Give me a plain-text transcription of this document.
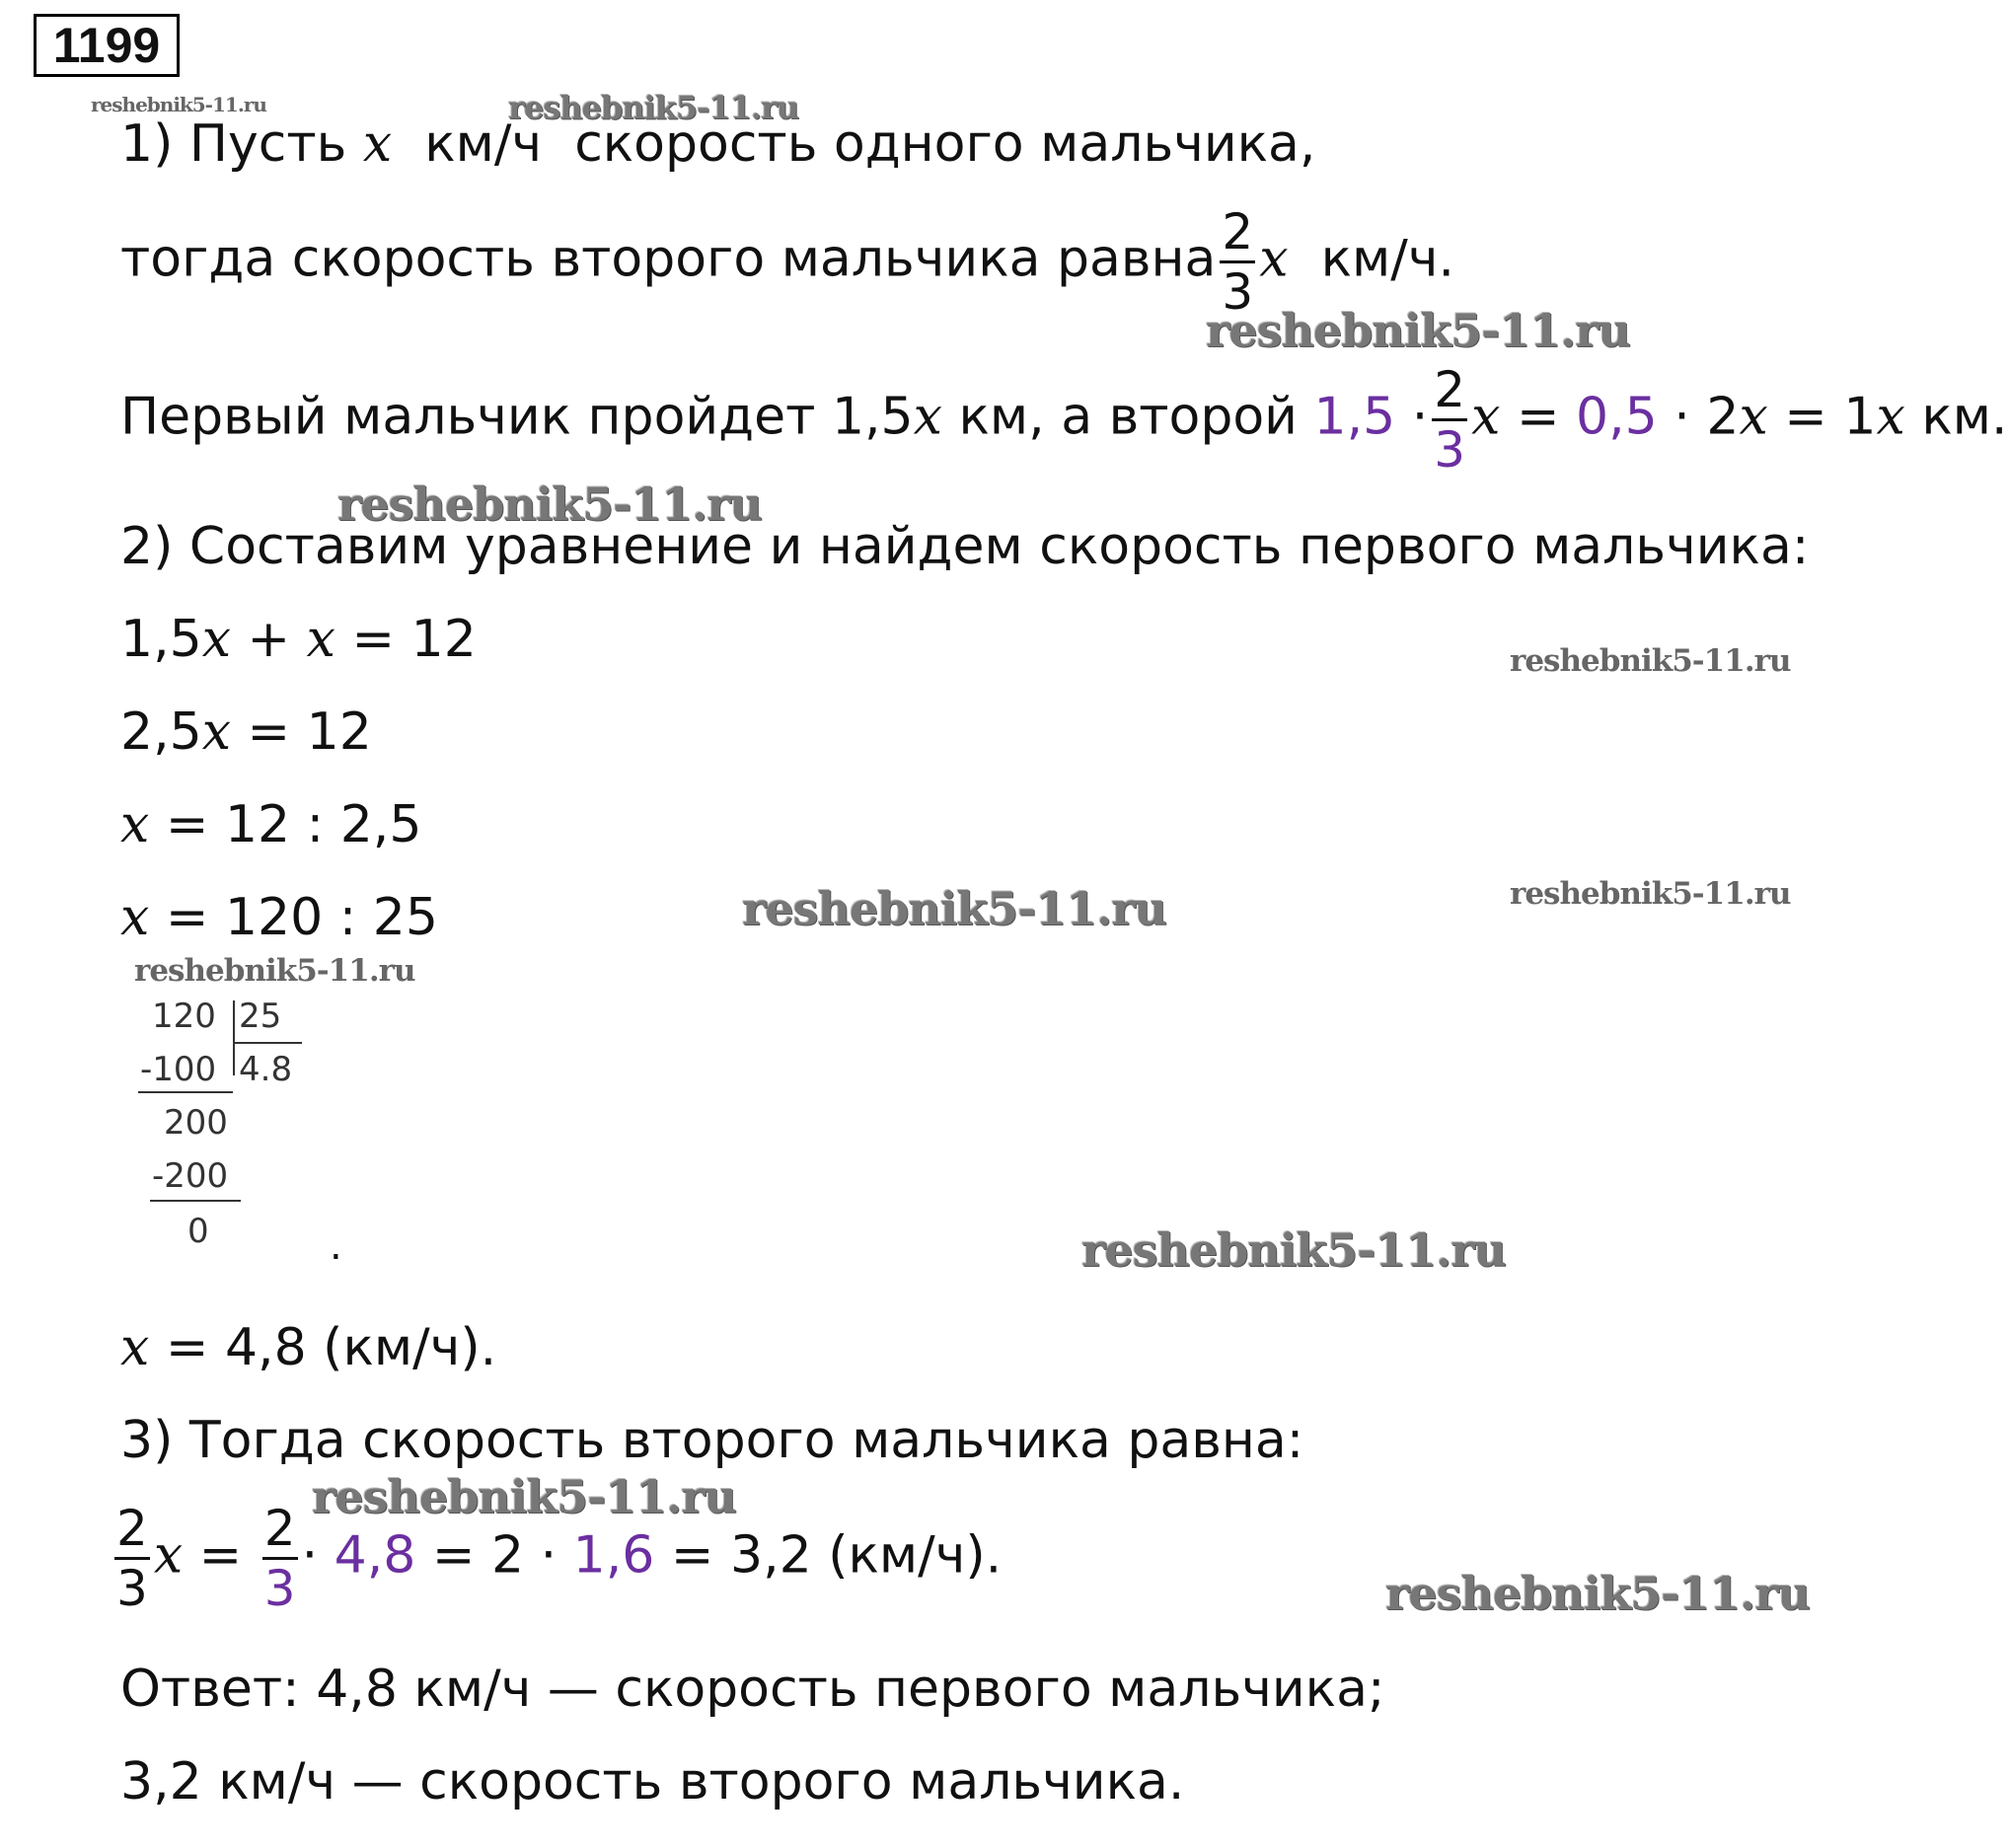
1199
reshebnik5-11.ru	reshebnik5-11.ru
reshebnik5-11.ru
reshebnik5-11.ru
reshebnik5-11.ru
reshebnik5-11.ru	reshebnik5-11.ru
reshebnik5-11.ru
reshebnik5-11.ru
reshebnik5-11.ru
reshebnik5-11.ru
1) Пусть x км/ч скорость одного мальчика,
тогда скорость второго мальчика равна $\frac{2}{3}$ x км/ч.
Первый мальчик пройдет 1,5x км, а второй $1,5 \cdot \frac{2}{3}$ x = 0,5 · 2x = 1x км.
2) Составим уравнение и найдем скорость первого мальчика:
1,5x + x = 12
2,5x = 12
x = 12 : 2,5
x = 120 : 25
120 25
-100 4.8
200
-200
0	.
x = 4,8 (км/ч).
3) Тогда скорость второго мальчика равна:
$\frac{2}{3}$ $x = \frac{2}{3} \cdot 4,8 = 2 \cdot 1,6 = 3,2$ (км/ч).
Ответ: 4,8 км/ч — скорость первого мальчика;
3,2 км/ч — скорость второго мальчика.
